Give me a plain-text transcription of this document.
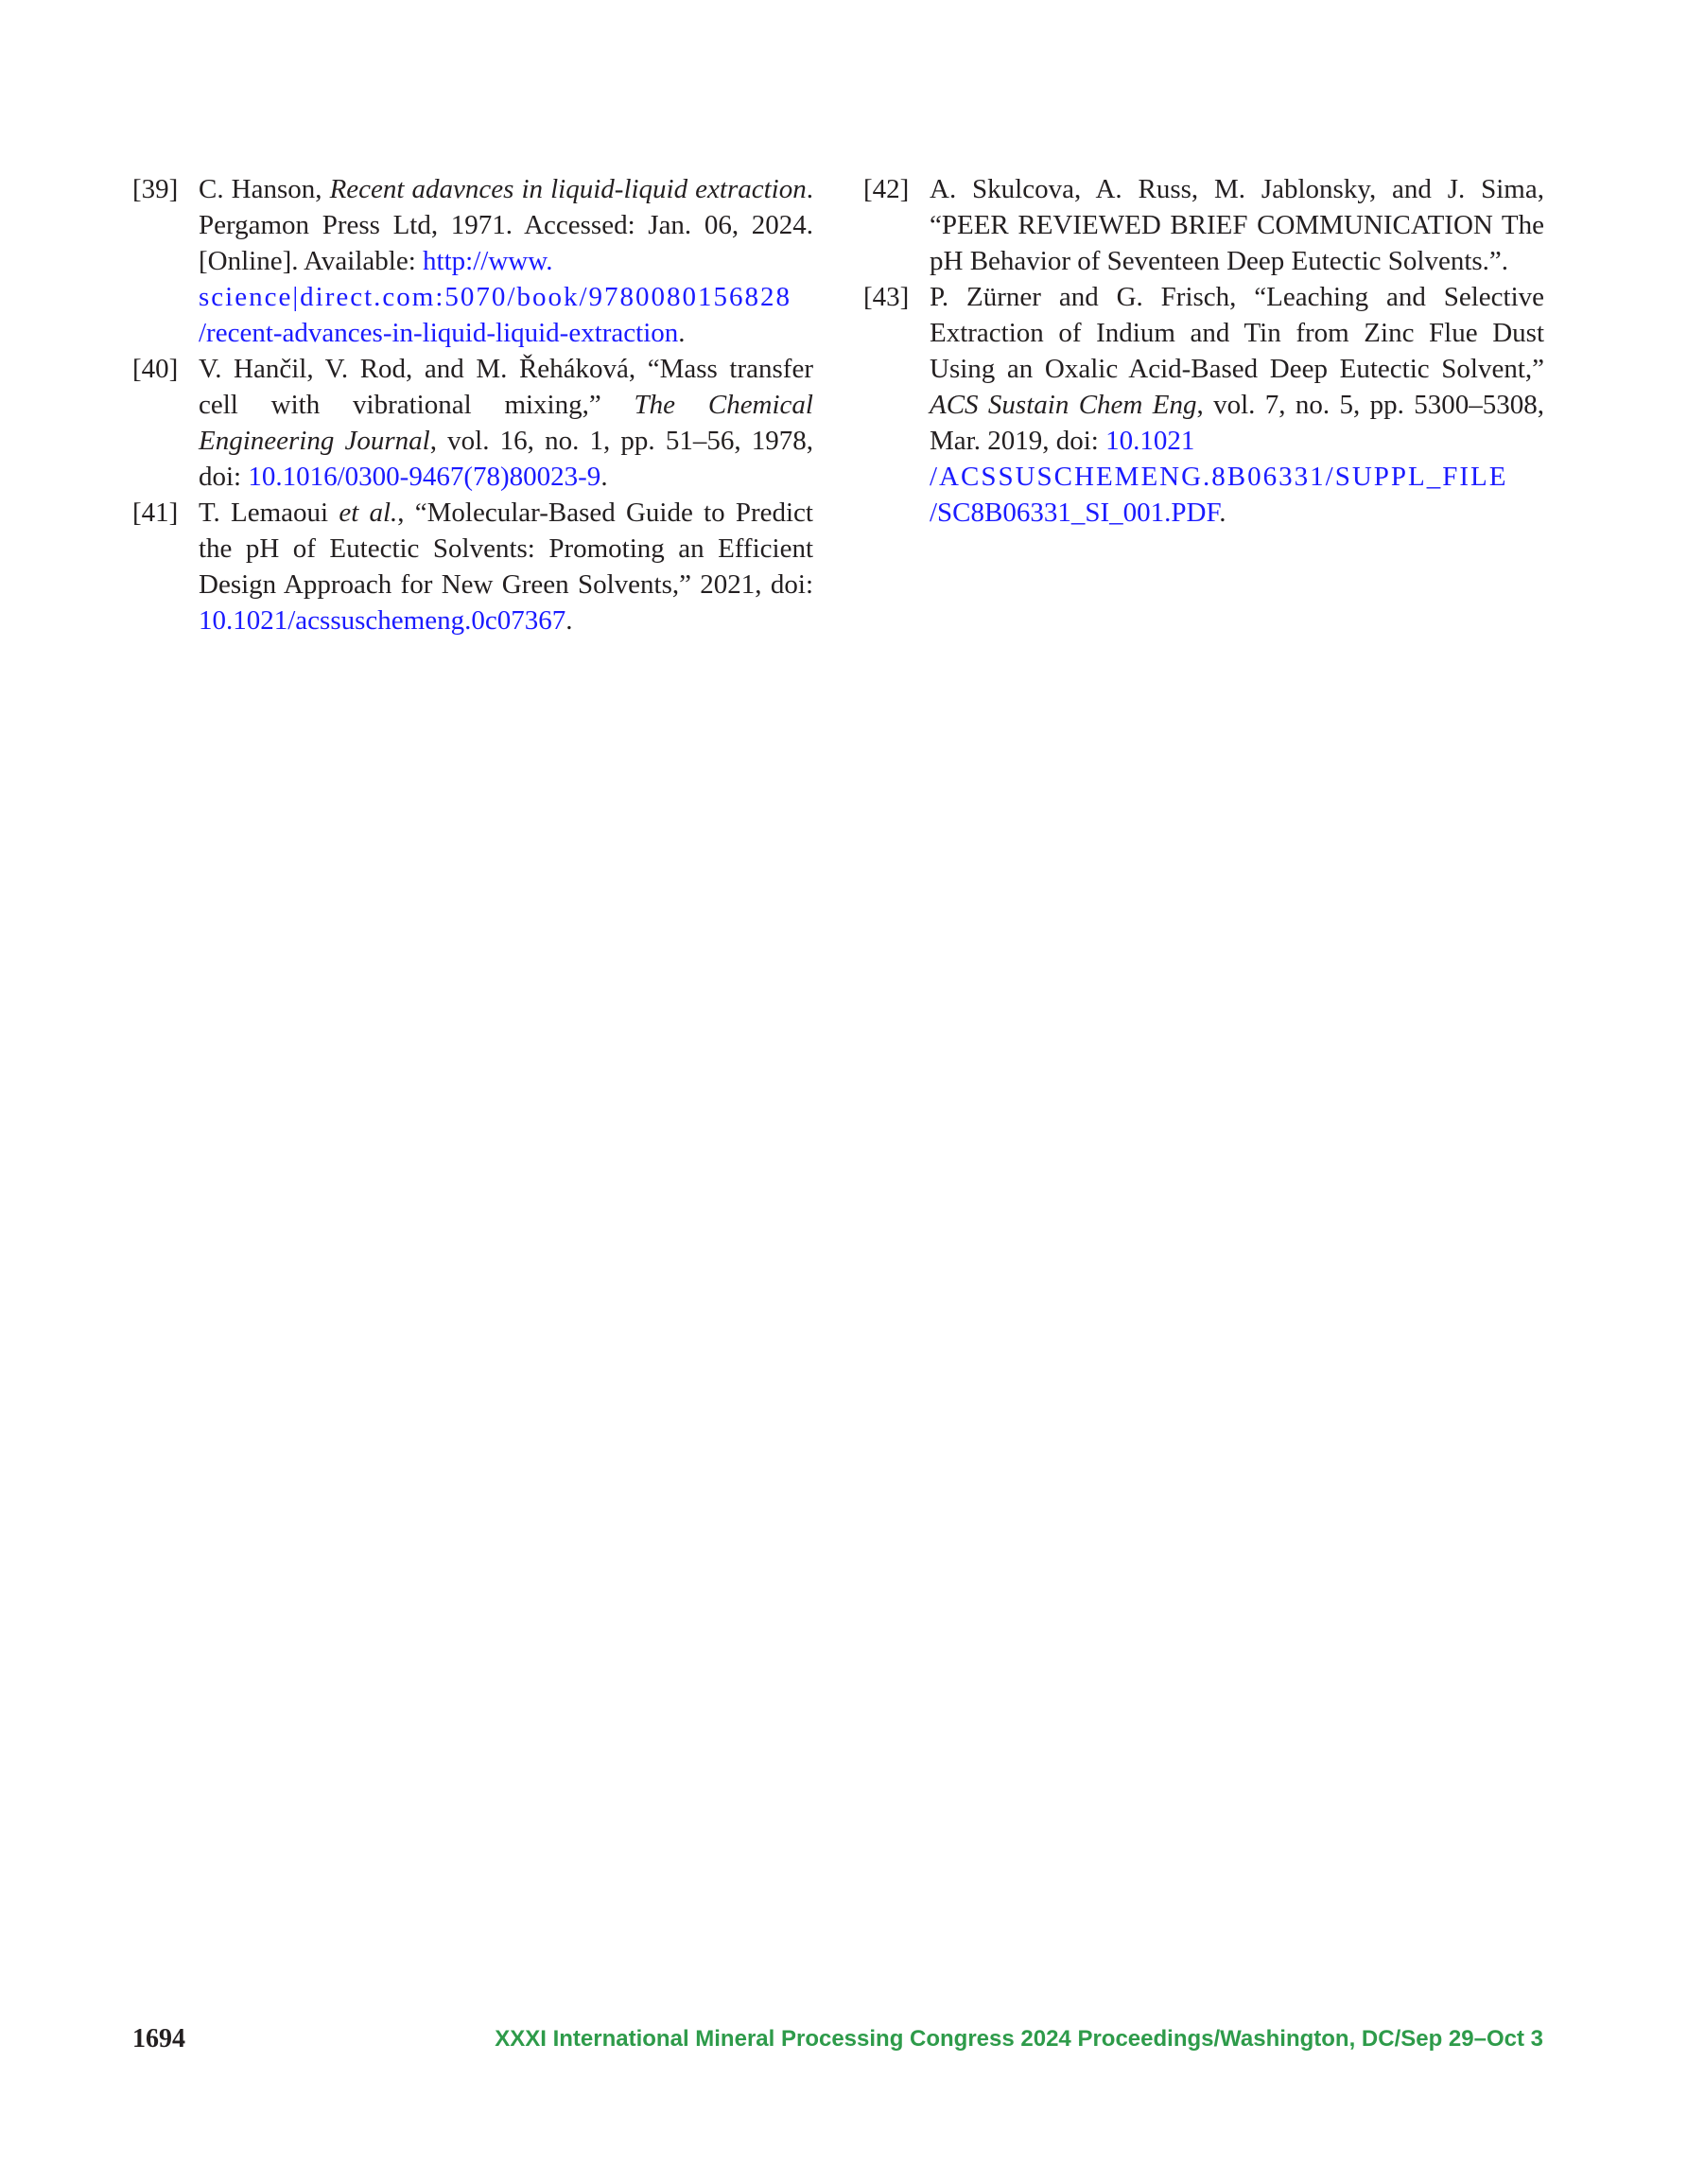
[39] C. Hanson, Recent adavnces in liquid-liquid extraction. Pergamon Press Ltd, 1971. Accessed: Jan. 06, 2024. [Online]. Available: http://www.
science|direct.com:5070/book/9780080156828
/recent-advances-in-liquid-liquid-extraction.
[40] V. Hančil, V. Rod, and M. Řeháková, “Mass transfer cell with vibrational mixing,” The Chemical Engineering Journal, vol. 16, no. 1, pp. 51–56, 1978, doi: 10.1016/0300-9467(78)80023-9.
[41] T. Lemaoui et al., “Molecular-Based Guide to Predict the pH of Eutectic Solvents: Promoting an Efficient Design Approach for New Green Solvents,” 2021, doi: 10.1021/acssuschemeng.0c07367.
[42] A. Skulcova, A. Russ, M. Jablonsky, and J. Sima, “PEER REVIEWED BRIEF COMMUNICATION The pH Behavior of Seventeen Deep Eutectic Solvents.”.
[43] P. Zürner and G. Frisch, “Leaching and Selective Extraction of Indium and Tin from Zinc Flue Dust Using an Oxalic Acid-Based Deep Eutectic Solvent,” ACS Sustain Chem Eng, vol. 7, no. 5, pp. 5300–5308, Mar. 2019, doi: 10.1021
/ACSSUSCHEMENG.8B06331/SUPPL_FILE
/SC8B06331_SI_001.PDF.
1694	XXXI International Mineral Processing Congress 2024 Proceedings/Washington, DC/Sep 29–Oct 3
